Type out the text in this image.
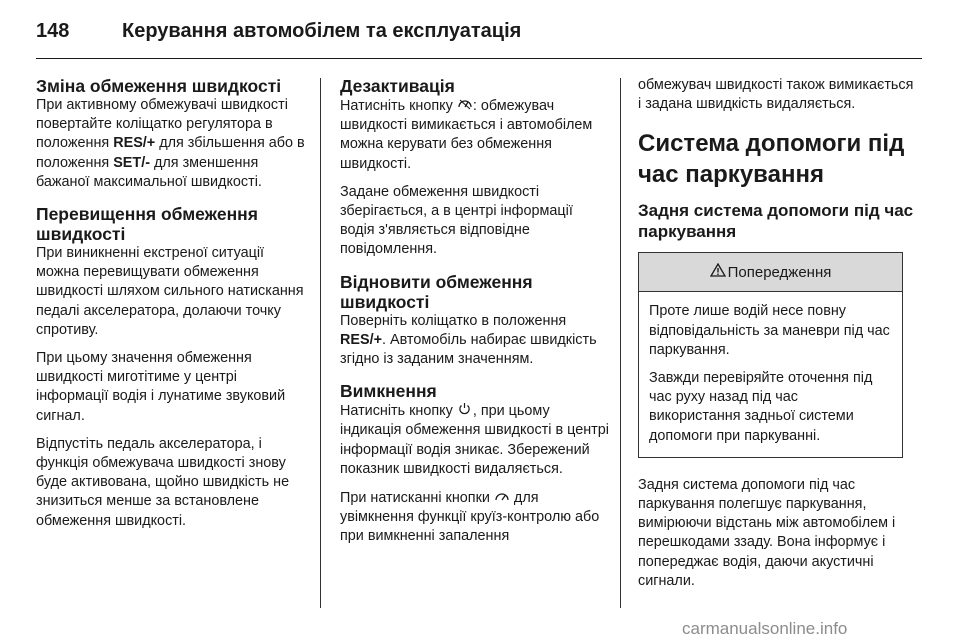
148	Керування автомобілем та експлуатація
Зміна обмеження швидкості

При активному обмежувачі швидкості повертайте коліщатко регулятора в положення RES/+ для збільшення або в положення SET/- для зменшення бажаної максимальної швидкості.

Перевищення обмеження швидкості

При виникненні екстреної ситуації можна перевищувати обмеження швидкості шляхом сильного натискання педалі акселератора, долаючи точку спротиву.

При цьому значення обмеження швидкості миготітиме у центрі інформації водія і лунатиме звуковий сигнал.

Відпустіть педаль акселератора, і функція обмежувача швидкості знову буде активована, щойно швидкість не знизиться менше за встановлене обмеження швидкості.

Дезактивація

Натисніть кнопку : обмежувач швидкості вимикається і автомобілем можна керувати без обмеження швидкості.

Задане обмеження швидкості зберігається, а в центрі інформації водія з'являється відповідне повідомлення.

Відновити обмеження швидкості

Поверніть коліщатко в положення RES/+. Автомобіль набирає швидкість згідно із заданим значенням.

Вимкнення

Натисніть кнопку , при цьому індикація обмеження швидкості в центрі інформації водія зникає. Збережений показник швидкості видаляється.

При натисканні кнопки  для увімкнення функції круїз-контролю або при вимкненні запалення

обмежувач швидкості також вимикається і задана швидкість видаляється.

Система допомоги під час паркування
Задня система допомоги під час паркування
Попередження

Проте лише водій несе повну відповідальність за маневри під час паркування.

Завжди перевіряйте оточення під час руху назад під час використання задньої системи допомоги при паркуванні.

Задня система допомоги під час паркування полегшує паркування, вимірюючи відстань між автомобілем і перешкодами ззаду. Вона інформує і попереджає водія, даючи акустичні сигнали.

carmanualsonline.info
